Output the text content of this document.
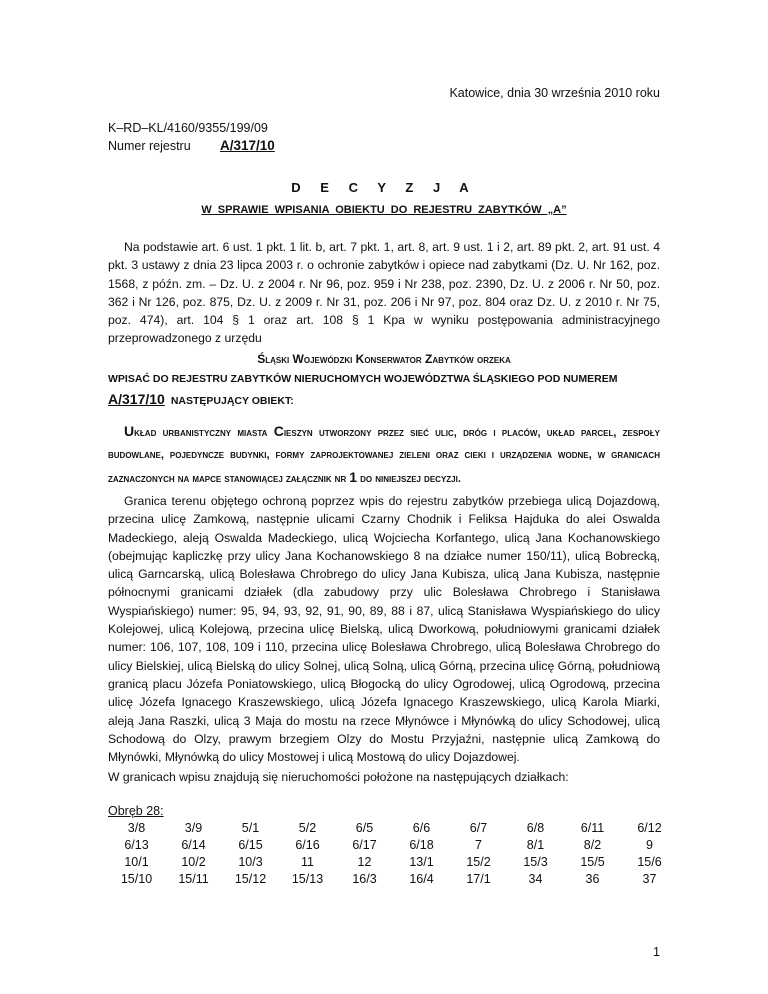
Katowice, dnia 30 września 2010 roku
K–RD–KL/4160/9355/199/09
Numer rejestru A/317/10
D E C Y Z J A
W SPRAWIE WPISANIA OBIEKTU DO REJESTRU ZABYTKÓW „A”
Na podstawie art. 6 ust. 1 pkt. 1 lit. b, art. 7 pkt. 1, art. 8, art. 9 ust. 1 i 2, art. 89 pkt. 2, art. 91 ust. 4 pkt. 3 ustawy z dnia 23 lipca 2003 r. o ochronie zabytków i opiece nad zabytkami (Dz. U. Nr 162, poz. 1568, z późn. zm. – Dz. U. z 2004 r. Nr 96, poz. 959 i Nr 238, poz. 2390, Dz. U. z 2006 r. Nr 50, poz. 362 i Nr 126, poz. 875, Dz. U. z 2009 r. Nr 31, poz. 206 i Nr 97, poz. 804 oraz Dz. U. z 2010 r. Nr 75, poz. 474), art. 104 § 1 oraz art. 108 § 1 Kpa w wyniku postępowania administracyjnego przeprowadzonego z urzędu
Śląski Wojewódzki Konserwator Zabytków orzeka
WPISAĆ DO REJESTRU ZABYTKÓW NIERUCHOMYCH WOJEWÓDZTWA ŚLĄSKIEGO POD NUMEREM
A/317/10 NASTĘPUJĄCY OBIEKT:
Układ urbanistyczny miasta Cieszyn utworzony przez sieć ulic, dróg i placów, układ parcel, zespoły budowlane, pojedyncze budynki, formy zaprojektowanej zieleni oraz cieki i urządzenia wodne, w granicach zaznaczonych na mapce stanowiącej załącznik nr 1 do niniejszej decyzji.
Granica terenu objętego ochroną poprzez wpis do rejestru zabytków przebiega ulicą Dojazdową, przecina ulicę Zamkową, następnie ulicami Czarny Chodnik i Feliksa Hajduka do alei Oswalda Madeckiego, aleją Oswalda Madeckiego, ulicą Wojciecha Korfantego, ulicą Jana Kochanowskiego (obejmując kapliczkę przy ulicy Jana Kochanowskiego 8 na działce numer 150/11), ulicą Bobrecką, ulicą Garncarską, ulicą Bolesława Chrobrego do ulicy Jana Kubisza, ulicą Jana Kubisza, następnie północnymi granicami działek (dla zabudowy przy ulic Bolesława Chrobrego i Stanisława Wyspiańskiego) numer: 95, 94, 93, 92, 91, 90, 89, 88 i 87, ulicą Stanisława Wyspiańskiego do ulicy Kolejowej, ulicą Kolejową, przecina ulicę Bielską, ulicą Dworkową, południowymi granicami działek numer: 106, 107, 108, 109 i 110, przecina ulicę Bolesława Chrobrego, ulicą Bolesława Chrobrego do ulicy Bielskiej, ulicą Bielską do ulicy Solnej, ulicą Solną, ulicą Górną, przecina ulicę Górną, południową granicą placu Józefa Poniatowskiego, ulicą Błogocką do ulicy Ogrodowej, ulicą Ogrodową, przecina ulicę Józefa Ignacego Kraszewskiego, ulicą Józefa Ignacego Kraszewskiego, ulicą Karola Miarki, aleją Jana Raszki, ulicą 3 Maja do mostu na rzece Młynówce i Młynówką do ulicy Schodowej, ulicą Schodową do Olzy, prawym brzegiem Olzy do Mostu Przyjaźni, następnie ulicą Zamkową do Młynówki, Młynówką do ulicy Mostowej i ulicą Mostową do ulicy Dojazdowej.
W granicach wpisu znajdują się nieruchomości położone na następujących działkach:
Obręb 28:
3/8	3/9	5/1	5/2	6/5	6/6	6/7	6/8	6/11	6/12
6/13	6/14	6/15	6/16	6/17	6/18	7	8/1	8/2	9
10/1	10/2	10/3	11	12	13/1	15/2	15/3	15/5	15/6
15/10	15/11	15/12	15/13	16/3	16/4	17/1	34	36	37
1
